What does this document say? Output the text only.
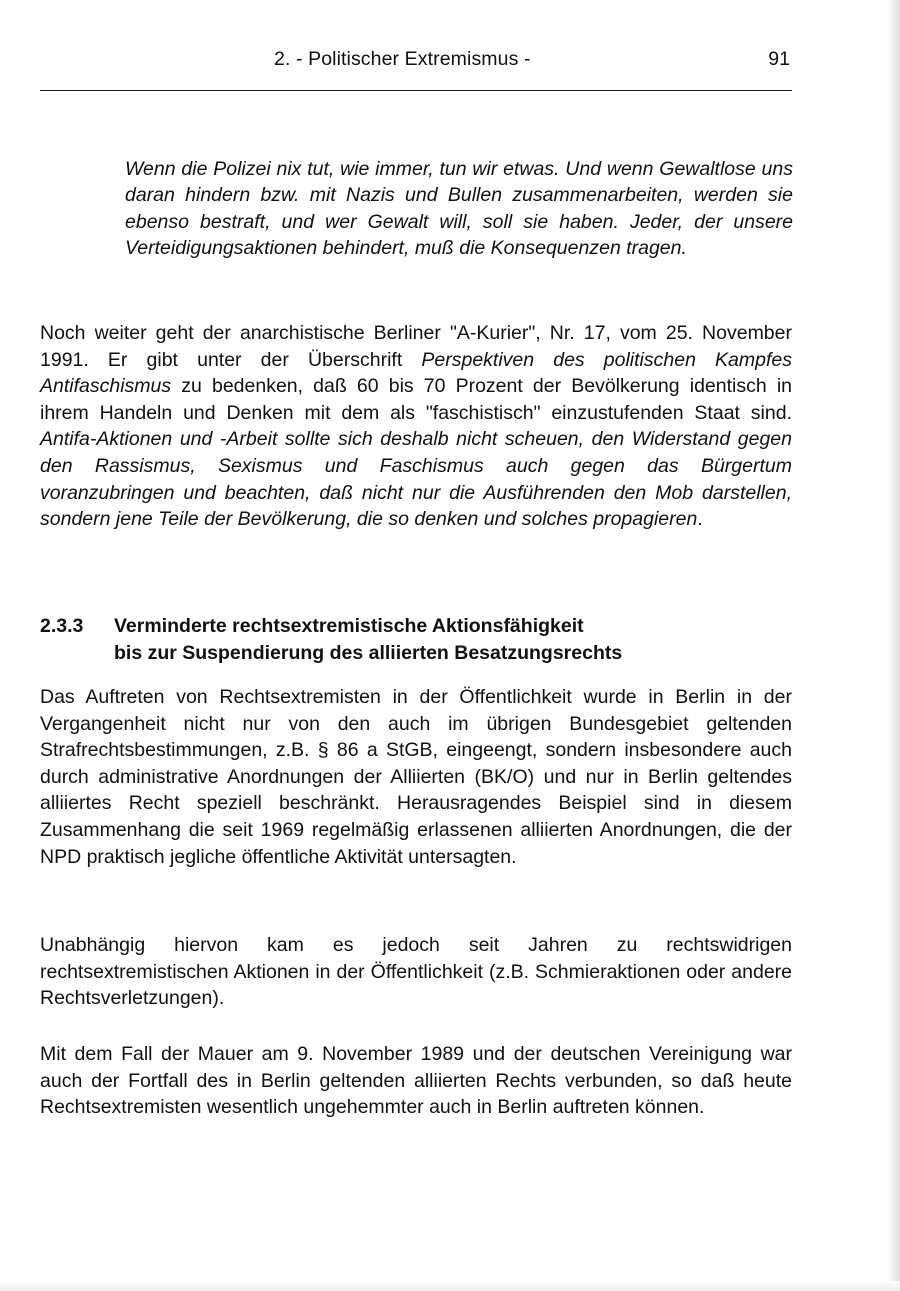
2. - Politischer Extremismus -	91

Wenn die Polizei nix tut, wie immer, tun wir etwas. Und wenn Gewaltlose uns daran hindern bzw. mit Nazis und Bullen zusammenarbeiten, werden sie ebenso bestraft, und wer Gewalt will, soll sie haben. Jeder, der unsere Verteidigungsaktionen behindert, muß die Konsequenzen tragen.

Noch weiter geht der anarchistische Berliner "A-Kurier", Nr. 17, vom 25. November 1991. Er gibt unter der Überschrift Perspektiven des politischen Kampfes Antifaschismus zu bedenken, daß 60 bis 70 Prozent der Bevölkerung identisch in ihrem Handeln und Denken mit dem als "faschistisch" einzustufenden Staat sind. Antifa-Aktionen und -Arbeit sollte sich deshalb nicht scheuen, den Widerstand gegen den Rassismus, Sexismus und Faschismus auch gegen das Bürgertum voranzubringen und beachten, daß nicht nur die Ausführenden den Mob darstellen, sondern jene Teile der Bevölkerung, die so denken und solches propagieren.

2.3.3 Verminderte rechtsextremistische Aktionsfähigkeit
bis zur Suspendierung des alliierten Besatzungsrechts

Das Auftreten von Rechtsextremisten in der Öffentlichkeit wurde in Berlin in der Vergangenheit nicht nur von den auch im übrigen Bundesgebiet geltenden Strafrechtsbestimmungen, z.B. § 86 a StGB, eingeengt, sondern insbesondere auch durch administrative Anordnungen der Alliierten (BK/O) und nur in Berlin geltendes alliiertes Recht speziell beschränkt. Herausragendes Beispiel sind in diesem Zusammenhang die seit 1969 regelmäßig erlassenen alliierten Anordnungen, die der NPD praktisch jegliche öffentliche Aktivität untersagten.

Unabhängig hiervon kam es jedoch seit Jahren zu rechtswidrigen rechtsextremistischen Aktionen in der Öffentlichkeit (z.B. Schmieraktionen oder andere Rechtsverletzungen).

Mit dem Fall der Mauer am 9. November 1989 und der deutschen Vereinigung war auch der Fortfall des in Berlin geltenden alliierten Rechts verbunden, so daß heute Rechtsextremisten wesentlich ungehemmter auch in Berlin auftreten können.
